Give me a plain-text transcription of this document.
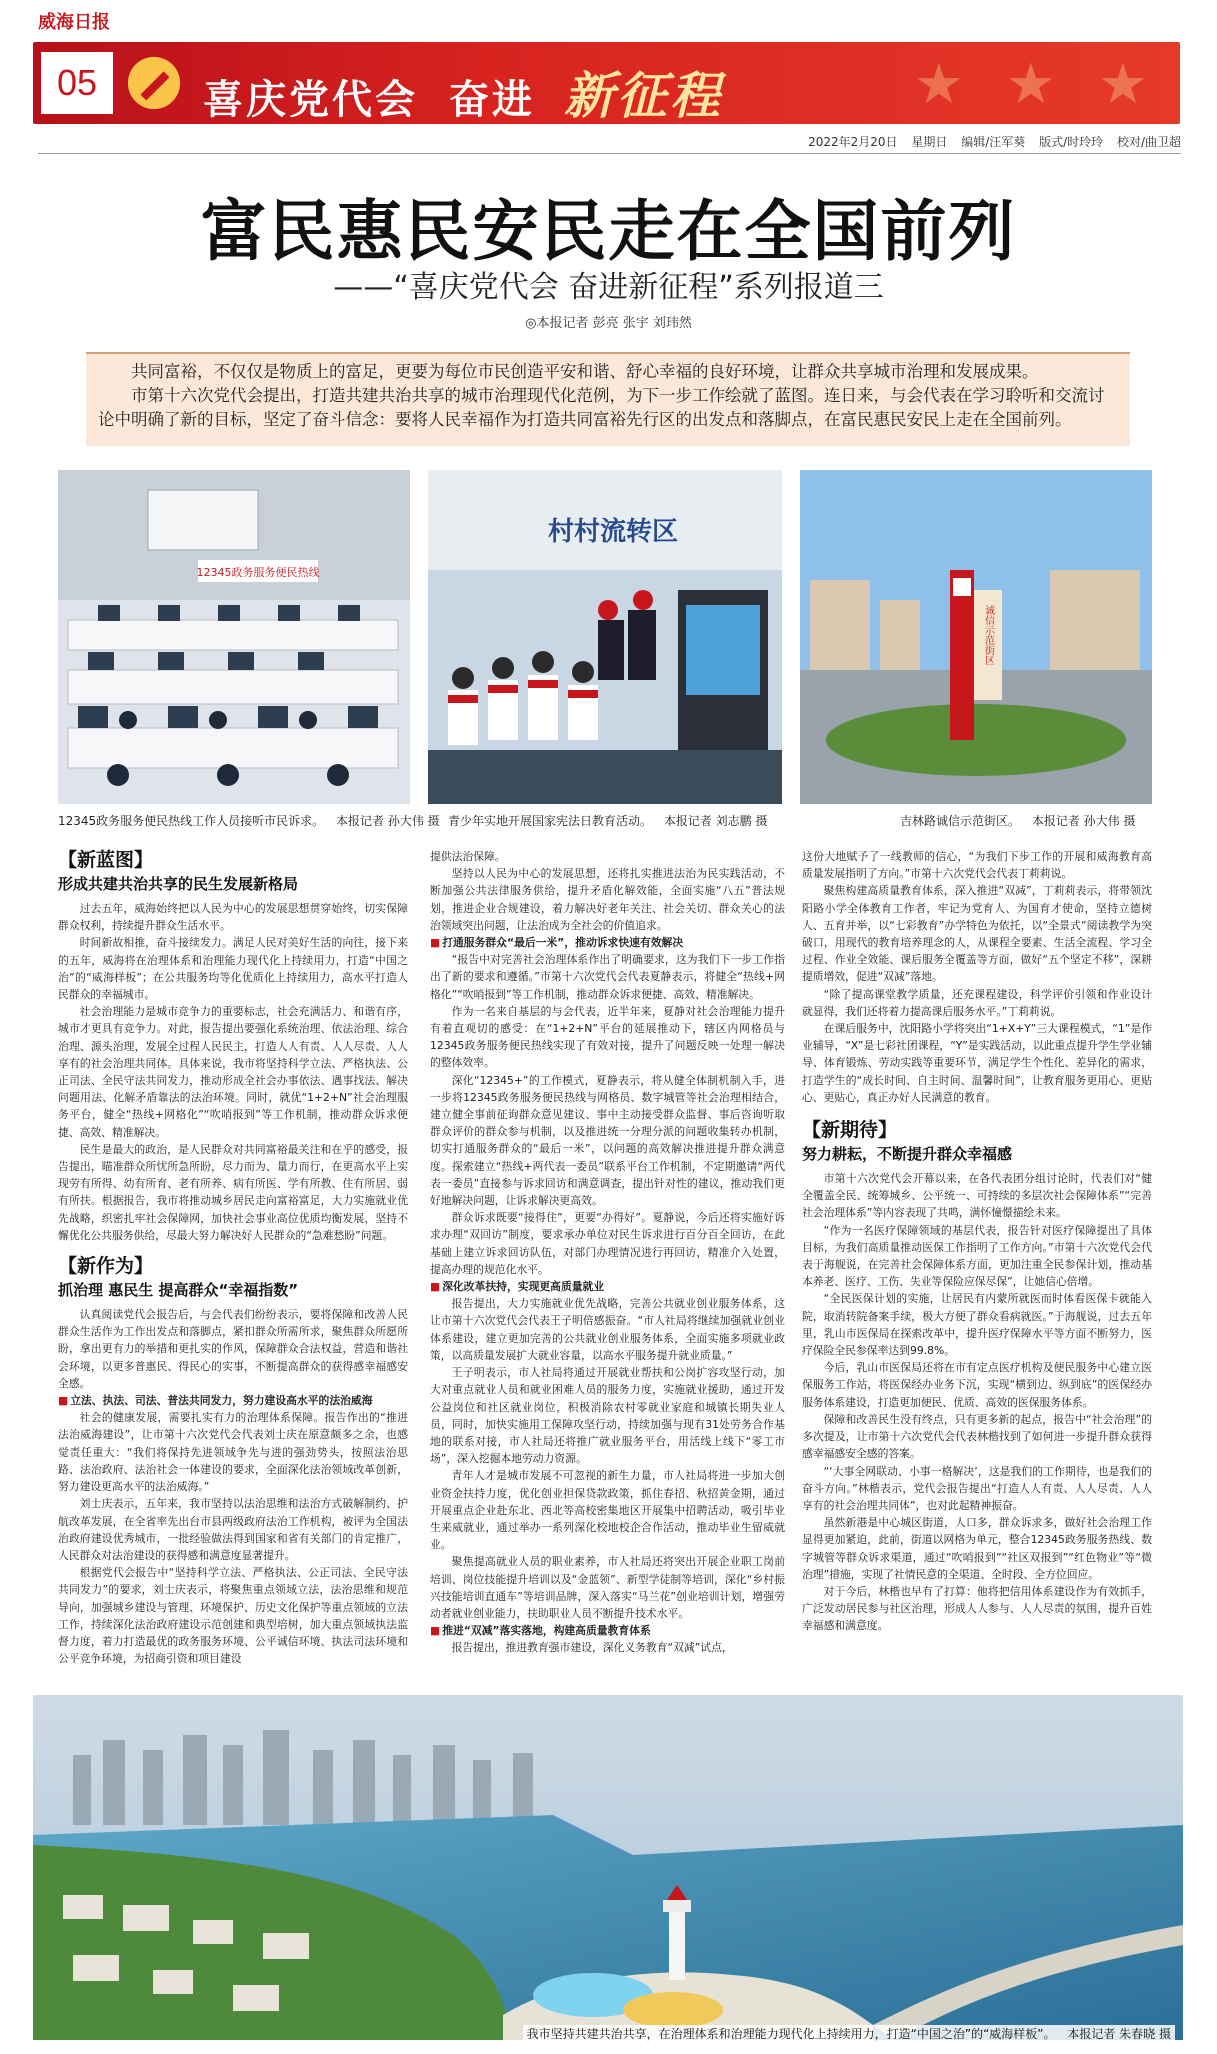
威海日报
05	喜庆党代会 奋进 新征程	★ ★ ★
2022年2月20日 星期日 编辑/汪军葵 版式/时玲玲 校对/曲卫超
富民惠民安民走在全国前列
——“喜庆党代会 奋进新征程”系列报道三
◎本报记者 彭亮 张宇 刘玮然

共同富裕，不仅仅是物质上的富足，更要为每位市民创造平安和谐、舒心幸福的良好环境，让群众共享城市治理和发展成果。

市第十六次党代会提出，打造共建共治共享的城市治理现代化范例，为下一步工作绘就了蓝图。连日来，与会代表在学习聆听和交流讨论中明确了新的目标，坚定了奋斗信念：要将人民幸福作为打造共同富裕先行区的出发点和落脚点，在富民惠民安民上走在全国前列。

12345政务服务便民热线
12345政务服务便民热线工作人员接听市民诉求。 本报记者 孙大伟 摄
村村流转区
青少年实地开展国家宪法日教育活动。 本报记者 刘志鹏 摄
诚信示范街区
吉林路诚信示范街区。 本报记者 孙大伟 摄
【新蓝图】
形成共建共治共享的民生发展新格局

过去五年，威海始终把以人民为中心的发展思想贯穿始终，切实保障群众权利，持续提升群众生活水平。

时间新故相推，奋斗接续发力。满足人民对美好生活的向往，接下来的五年，威海将在治理体系和治理能力现代化上持续用力，打造“中国之治”的“威海样板”；在公共服务均等化优质化上持续用力，高水平打造人民群众的幸福城市。

社会治理能力是城市竞争力的重要标志，社会充满活力、和谐有序，城市才更具有竞争力。对此，报告提出要强化系统治理、依法治理、综合治理、源头治理，发展全过程人民民主，打造人人有责、人人尽责、人人享有的社会治理共同体。具体来说，我市将坚持科学立法、严格执法、公正司法、全民守法共同发力，推动形成全社会办事依法、遇事找法、解决问题用法、化解矛盾靠法的法治环境。同时，就优“1+2+N”社会治理服务平台，健全“热线+网格化”“吹哨报到”等工作机制，推动群众诉求便捷、高效、精准解决。

民生是最大的政治，是人民群众对共同富裕最关注和在乎的感受，报告提出，瞄准群众所忧所急所盼，尽力而为、量力而行，在更高水平上实现劳有所得、幼有所育、老有所养、病有所医、学有所教、住有所居、弱有所扶。根据报告，我市将推动城乡居民走向富裕富足，大力实施就业优先战略，织密扎牢社会保障网，加快社会事业高位优质均衡发展，坚持不懈优化公共服务供给，尽最大努力解决好人民群众的“急难愁盼”问题。

【新作为】
抓治理 惠民生 提高群众“幸福指数”

认真阅读党代会报告后，与会代表们纷纷表示，要将保障和改善人民群众生活作为工作出发点和落脚点，紧扣群众所需所求，聚焦群众所愿所盼，拿出更有力的举措和更扎实的作风，保障群众合法权益，营造和谐社会环境，以更多普惠民、得民心的实事，不断提高群众的获得感幸福感安全感。

■ 立法、执法、司法、普法共同发力，努力建设高水平的法治威海

社会的健康发展，需要扎实有力的治理体系保障。报告作出的“推进法治威海建设”，让市第十六次党代会代表刘士庆在原意颇多之余，也感觉责任重大：“我们将保持先进领域争先与进的强劲势头，按照法治思路、法治政府、法治社会一体建设的要求，全面深化法治领域改革创新，努力建设更高水平的法治威海。”

刘士庆表示，五年来，我市坚持以法治思维和法治方式破解制约、护航改革发展，在全省率先出台市县两级政府法治工作机构，被评为全国法治政府建设优秀城市，一批经验做法得到国家和省有关部门的肯定推广，人民群众对法治建设的获得感和满意度显著提升。

根据党代会报告中“坚持科学立法、严格执法、公正司法、全民守法共同发力”的要求，刘士庆表示，将聚焦重点领域立法，法治思维和规范导向，加强城乡建设与管理、环境保护、历史文化保护等重点领域的立法工作，持续深化法治政府建设示范创建和典型培树，加大重点领域执法监督力度，着力打造最优的政务服务环境、公平诚信环境、执法司法环境和公平竞争环境，为招商引资和项目建设

提供法治保障。

坚持以人民为中心的发展思想，还将扎实推进法治为民实践活动，不断加强公共法律服务供给，提升矛盾化解效能，全面实施“八五”普法规划，推进企业合规建设，着力解决好老年关注、社会关切、群众关心的法治领域突出问题，让法治成为全社会的价值追求。

■ 打通服务群众“最后一米”，推动诉求快速有效解决

“报告中对完善社会治理体系作出了明确要求，这为我们下一步工作指出了新的要求和遵循。”市第十六次党代会代表夏静表示，将健全“热线+网格化”“吹哨报到”等工作机制，推动群众诉求便捷、高效、精准解决。

作为一名来自基层的与会代表，近半年来，夏静对社会治理能力提升有着直观切的感受：在“1+2+N”平台的延展推动下，辖区内网格员与12345政务服务便民热线实现了有效对接，提升了问题反映一处理一解决的整体效率。

深化“12345+”的工作模式，夏静表示，将从健全体制机制入手，进一步将12345政务服务便民热线与网格员、数字城管等社会治理相结合，建立健全事前征询群众意见建议、事中主动接受群众监督、事后咨询听取群众评价的群众参与机制，以及推进统一分理分派的问题收集转办机制，切实打通服务群众的“最后一米”，以问题的高效解决推进提升群众满意度。探索建立“热线+两代表一委员”联系平台工作机制，不定期邀请“两代表一委员”直接参与诉求回访和满意调查，提出针对性的建议，推动我们更好地解决问题，让诉求解决更高效。

群众诉求既要“接得住”，更要“办得好”。夏静说，今后还将实施好诉求办理“双回访”制度，要求承办单位对民生诉求进行百分百全回访，在此基础上建立诉求回访队伍，对部门办理情况进行再回访，精准介入处置，提高办理的规范化水平。

■ 深化改革扶持，实现更高质量就业

报告提出，大力实施就业优先战略，完善公共就业创业服务体系，这让市第十六次党代会代表王子明倍感振奋。“市人社局将继续加强就业创业体系建设，建立更加完善的公共就业创业服务体系，全面实施多项就业政策，以高质量发展扩大就业容量，以高水平服务提升就业质量。”

王子明表示，市人社局将通过开展就业帮扶和公岗扩容攻坚行动，加大对重点就业人员和就业困难人员的服务力度，实施就业援助，通过开发公益岗位和社区就业岗位，积极消除农村零就业家庭和城镇长期失业人员，同时，加快实施用工保障攻坚行动，持续加强与现有31处劳务合作基地的联系对接，市人社局还将推广就业服务平台，用活线上线下“零工市场”，深入挖掘本地劳动力资源。

青年人才是城市发展不可忽视的新生力量，市人社局将进一步加大创业资金扶持力度，优化创业担保贷款政策，抓住春招、秋招黄金期，通过开展重点企业赴东北、西北等高校密集地区开展集中招聘活动，吸引毕业生来威就业，通过举办一系列深化校地校企合作活动，推动毕业生留威就业。

聚焦提高就业人员的职业素养，市人社局还将突出开展企业职工岗前培训、岗位技能提升培训以及“金蓝领”、新型学徒制等培训，深化“乡村振兴技能培训直通车”等培训品牌，深入落实“马兰花”创业培训计划，增强劳动者就业创业能力，扶助职业人员不断提升技术水平。

■ 推进“双减”落实落地，构建高质量教育体系

报告提出，推进教育强市建设，深化义务教育“双减”试点，

这份大地赋予了一线教师的信心，“为我们下步工作的开展和威海教育高质量发展指明了方向。”市第十六次党代会代表丁莉莉说。

聚焦构建高质量教育体系，深入推进“双减”，丁莉莉表示，将带领沈阳路小学全体教育工作者，牢记为党育人、为国育才使命，坚持立德树人、五育并举，以“七彩教育”办学特色为依托，以“全景式”阅读教学为突破口，用现代的教育培养理念的人，从课程全要素、生活全流程、学习全过程、作业全效能、课后服务全覆盖等方面，做好“五个坚定不移”，深耕提质增效，促进“双减”落地。

“除了提高课堂教学质量，还充课程建设，科学评价引领和作业设计就显得，我们还将着力提高课后服务水平。”丁莉莉说。

在课后服务中，沈阳路小学将突出“1+X+Y”三大课程模式，“1”是作业辅导，“X”是七彩社团课程，“Y”是实践活动，以此重点提升学生学业辅导、体育锻炼、劳动实践等重要环节，满足学生个性化、差异化的需求，打造学生的“成长时间、自主时间、温馨时间”，让教育服务更用心、更贴心、更贴心，真正办好人民满意的教育。

【新期待】
努力耕耘，不断提升群众幸福感

市第十六次党代会开幕以来，在各代表团分组讨论时，代表们对“健全覆盖全民、统筹城乡、公平统一、可持续的多层次社会保障体系”“完善社会治理体系”等内容表现了共鸣，满怀憧憬描绘未来。

“作为一名医疗保障领域的基层代表，报告针对医疗保障提出了具体目标，为我们高质量推动医保工作指明了工作方向。”市第十六次党代会代表于海舰说，在完善社会保障体系方面，更加注重全民参保计划，推动基本养老、医疗、工伤、失业等保险应保尽保”，让她信心倍增。

“全民医保计划的实施，让居民有内蒙所就医而时体看医保卡就能入院，取消转院备案手续，极大方便了群众看病就医。”于海舰说，过去五年里，乳山市医保局在探索改革中，提升医疗保障水平等方面不断努力，医疗保险全民参保率达到99.8%。

今后，乳山市医保局还将在市有定点医疗机构及便民服务中心建立医保服务工作站，将医保经办业务下沉，实现“横到边、纵到底”的医保经办服务体系建设，打造更加便民、优质、高效的医保服务体系。

保障和改善民生没有终点，只有更多新的起点，报告中“社会治理”的多次提及，让市第十六次党代会代表林楷找到了如何进一步提升群众获得感幸福感安全感的答案。

“‘大事全网联动、小事一格解决’，这是我们的工作期待，也是我们的奋斗方向。”林楷表示，党代会报告提出“打造人人有责、人人尽责、人人享有的社会治理共同体”，也对此起精神振奋。

虽然新港是中心城区街道，人口多，群众诉求多，做好社会治理工作显得更加紧迫，此前，街道以网格为单元，整合12345政务服务热线、数字城管等群众诉求渠道，通过“吹哨报到”“社区双报到”“红色物业”等“微治理”措施，实现了社情民意的全渠道、全时段、全方位回应。

对于今后，林楷也早有了打算：他将把信用体系建设作为有效抓手，广泛发动居民参与社区治理，形成人人参与、人人尽责的氛围，提升百姓幸福感和满意度。

我市坚持共建共治共享，在治理体系和治理能力现代化上持续用力，打造“中国之治”的“威海样板”。 本报记者 朱春晓 摄
